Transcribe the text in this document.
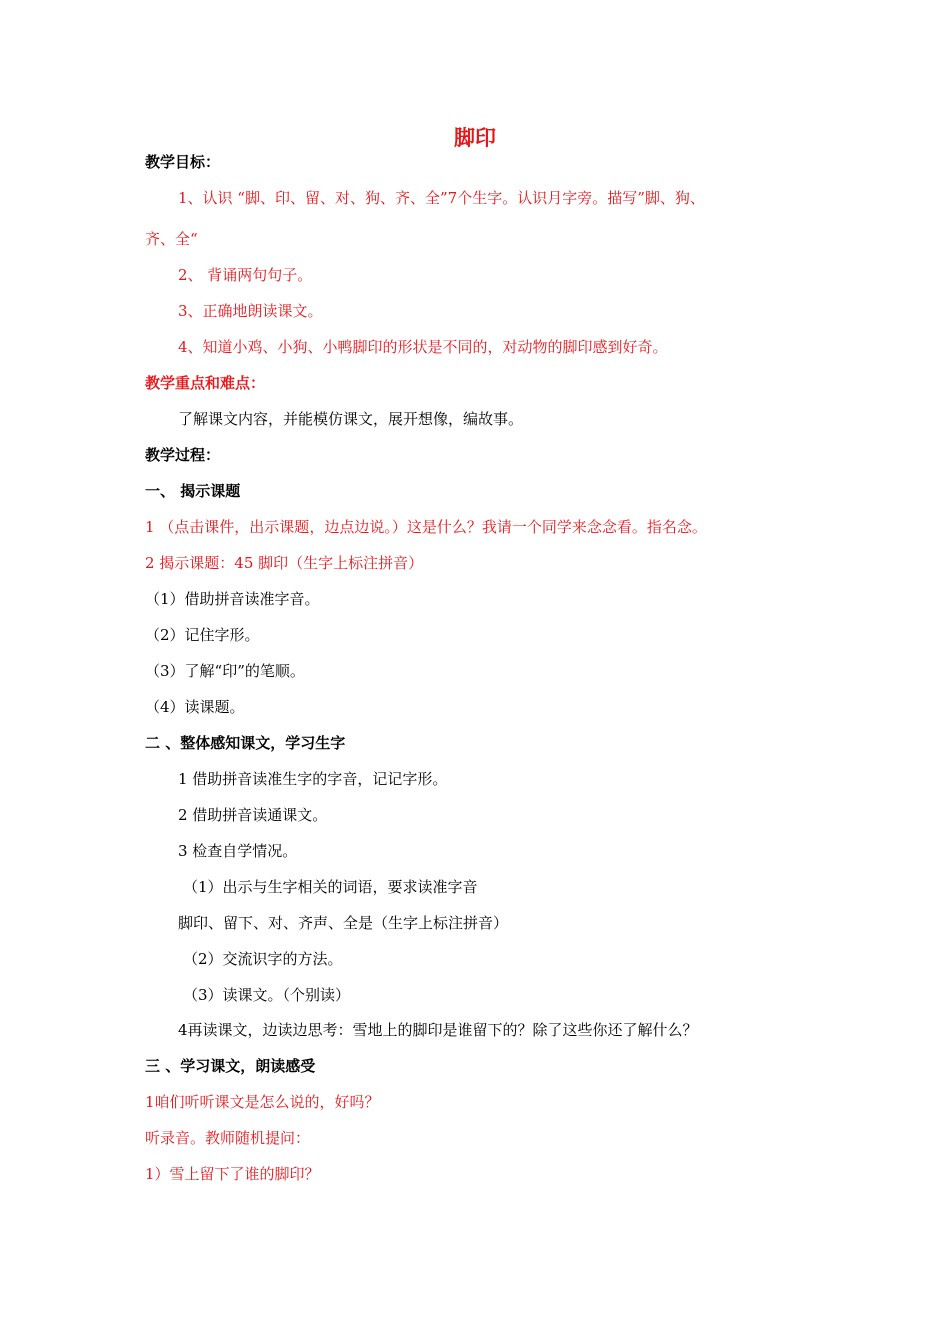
脚印
教学目标：
1、认识 “脚、印、留、对、狗、齐、全”7个生字。认识月字旁。描写”脚、狗、
齐、全“
2、 背诵两句句子。
3、正确地朗读课文。
4、知道小鸡、小狗、小鸭脚印的形状是不同的，对动物的脚印感到好奇。
教学重点和难点：
了解课文内容，并能模仿课文，展开想像，编故事。
教学过程：
一、 揭示课题
1 （点击课件，出示课题，边点边说。）这是什么？我请一个同学来念念看。指名念。
2 揭示课题：45 脚印（生字上标注拼音）
（1）借助拼音读准字音。
（2）记住字形。
（3）了解“印”的笔顺。
（4）读课题。
二 、整体感知课文，学习生字
1 借助拼音读准生字的字音，记记字形。
2 借助拼音读通课文。
3 检查自学情况。
（1）出示与生字相关的词语，要求读准字音
脚印、留下、对、齐声、全是（生字上标注拼音）
（2）交流识字的方法。
（3）读课文。（个别读）
4再读课文，边读边思考：雪地上的脚印是谁留下的？除了这些你还了解什么？
三 、学习课文，朗读感受
1咱们听听课文是怎么说的，好吗？
听录音。教师随机提问：
1）雪上留下了谁的脚印？
